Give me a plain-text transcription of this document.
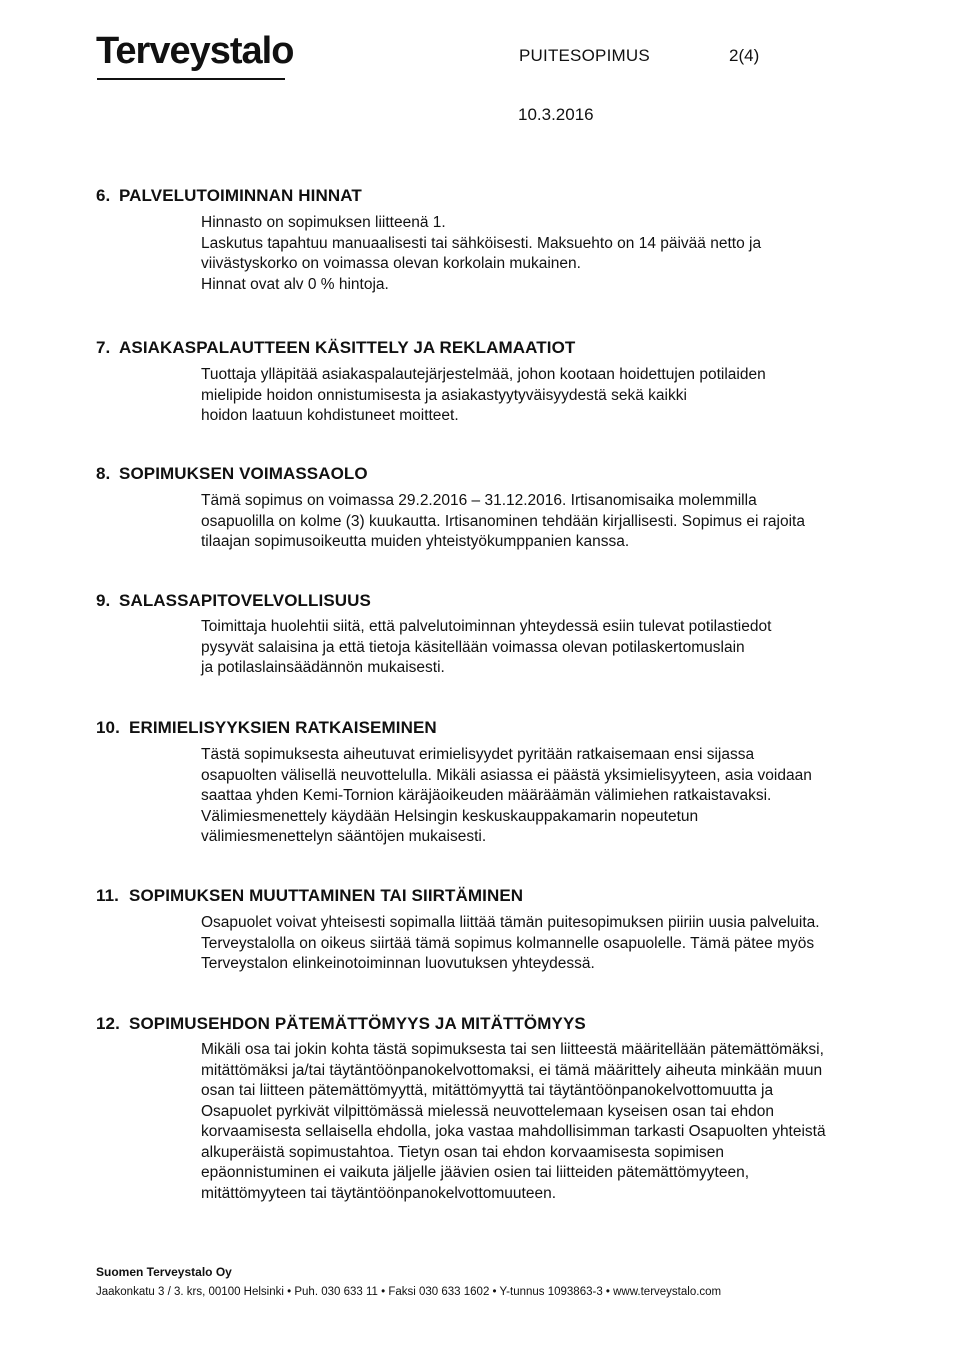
Terveystalo	PUITESOPIMUS	2(4)
10.3.2016
6. PALVELUTOIMINNAN HINNAT
Hinnasto on sopimuksen liitteenä 1.
Laskutus tapahtuu manuaalisesti tai sähköisesti. Maksuehto on 14 päivää netto ja
viivästyskorko on voimassa olevan korkolain mukainen.
Hinnat ovat alv 0 % hintoja.
7. ASIAKASPALAUTTEEN KÄSITTELY JA REKLAMAATIOT
Tuottaja ylläpitää asiakaspalautejärjestelmää, johon kootaan hoidettujen potilaiden
mielipide hoidon onnistumisesta ja asiakastyytyväisyydestä sekä kaikki
hoidon laatuun kohdistuneet moitteet.
8. SOPIMUKSEN VOIMASSAOLO
Tämä sopimus on voimassa 29.2.2016 – 31.12.2016. Irtisanomisaika molemmilla
osapuolilla on kolme (3) kuukautta. Irtisanominen tehdään kirjallisesti. Sopimus ei rajoita
tilaajan sopimusoikeutta muiden yhteistyökumppanien kanssa.
9. SALASSAPITOVELVOLLISUUS
Toimittaja huolehtii siitä, että palvelutoiminnan yhteydessä esiin tulevat potilastiedot
pysyvät salaisina ja että tietoja käsitellään voimassa olevan potilaskertomuslain
ja potilaslainsäädännön mukaisesti.
10. ERIMIELISYYKSIEN RATKAISEMINEN
Tästä sopimuksesta aiheutuvat erimielisyydet pyritään ratkaisemaan ensi sijassa
osapuolten välisellä neuvottelulla. Mikäli asiassa ei päästä yksimielisyyteen, asia voidaan
saattaa yhden Kemi-Tornion käräjäoikeuden määräämän välimiehen ratkaistavaksi.
Välimiesmenettely käydään Helsingin keskuskauppakamarin nopeutetun
välimiesmenettelyn sääntöjen mukaisesti.
11. SOPIMUKSEN MUUTTAMINEN TAI SIIRTÄMINEN
Osapuolet voivat yhteisesti sopimalla liittää tämän puitesopimuksen piiriin uusia palveluita.
Terveystalolla on oikeus siirtää tämä sopimus kolmannelle osapuolelle. Tämä pätee myös
Terveystalon elinkeinotoiminnan luovutuksen yhteydessä.
12. SOPIMUSEHDON PÄTEMÄTTÖMYYS JA MITÄTTÖMYYS
Mikäli osa tai jokin kohta tästä sopimuksesta tai sen liitteestä määritellään pätemättömäksi,
mitättömäksi ja/tai täytäntöönpanokelvottomaksi, ei tämä määrittely aiheuta minkään muun
osan tai liitteen pätemättömyyttä, mitättömyyttä tai täytäntöönpanokelvottomuutta ja
Osapuolet pyrkivät vilpittömässä mielessä neuvottelemaan kyseisen osan tai ehdon
korvaamisesta sellaisella ehdolla, joka vastaa mahdollisimman tarkasti Osapuolten yhteistä
alkuperäistä sopimustahtoa. Tietyn osan tai ehdon korvaamisesta sopimisen
epäonnistuminen ei vaikuta jäljelle jäävien osien tai liitteiden pätemättömyyteen,
mitättömyyteen tai täytäntöönpanokelvottomuuteen.
Suomen Terveystalo Oy
Jaakonkatu 3 / 3. krs, 00100 Helsinki • Puh. 030 633 11 • Faksi 030 633 1602 • Y-tunnus 1093863-3 • www.terveystalo.com
